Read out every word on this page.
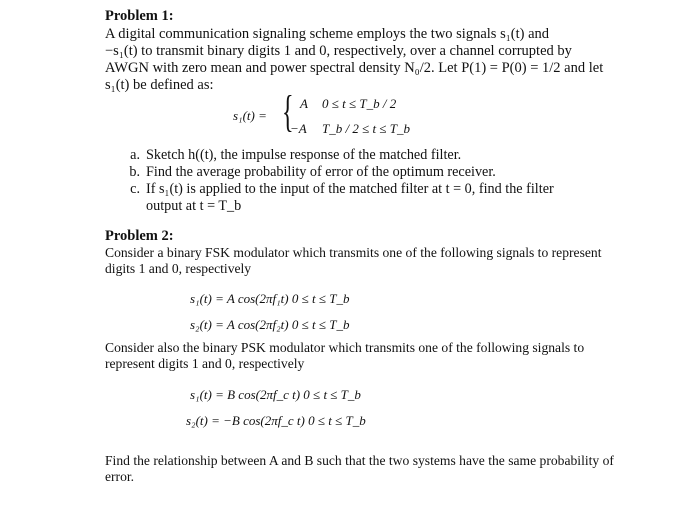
Problem 1:
A digital communication signaling scheme employs the two signals s₁(t) and
−s₁(t) to transmit binary digits 1 and 0, respectively, over a channel corrupted by
AWGN with zero mean and power spectral density N₀/2. Let P(1) = P(0) = 1/2 and let
s₁(t) be defined as:
s₁(t) = { A 0 ≤ t ≤ T_b / 2
−A T_b / 2 ≤ t ≤ T_b
a. Sketch h((t), the impulse response of the matched filter.
b. Find the average probability of error of the optimum receiver.
c. If s₁(t) is applied to the input of the matched filter at t = 0, find the filter
output at t = T_b
Problem 2:
Consider a binary FSK modulator which transmits one of the following signals to represent
digits 1 and 0, respectively
s₁(t) = A cos(2πf₁t) 0 ≤ t ≤ T_b
s₂(t) = A cos(2πf₂t) 0 ≤ t ≤ T_b
Consider also the binary PSK modulator which transmits one of the following signals to
represent digits 1 and 0, respectively
s₁(t) = B cos(2πf_c t) 0 ≤ t ≤ T_b
s₂(t) = −B cos(2πf_c t) 0 ≤ t ≤ T_b
Find the relationship between A and B such that the two systems have the same probability of
error.
